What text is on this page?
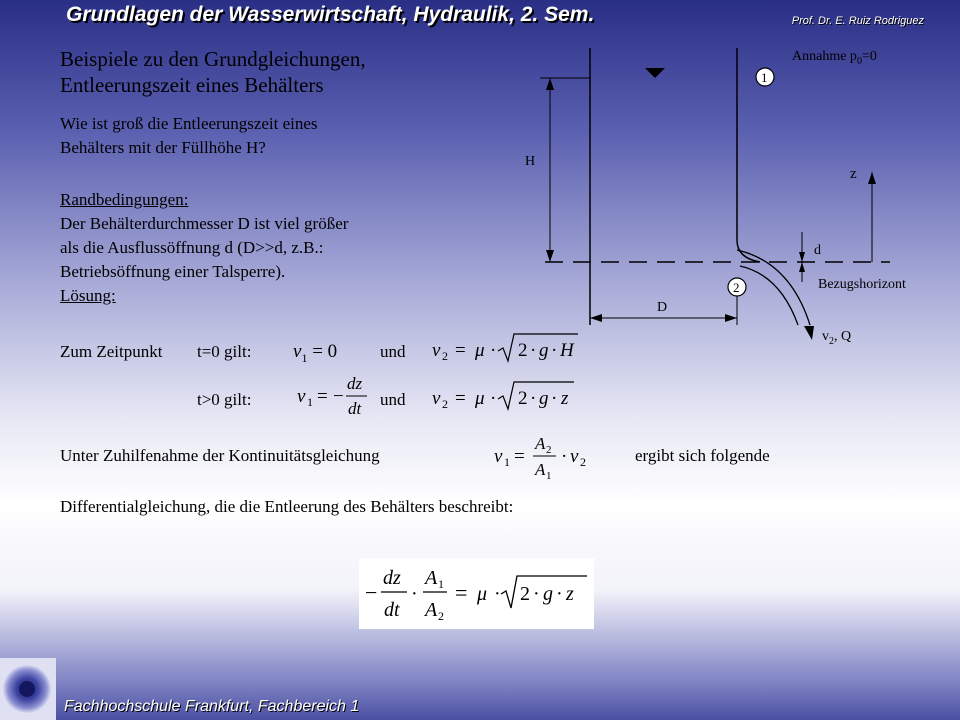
Grundlagen der Wasserwirtschaft, Hydraulik, 2. Sem.	Prof. Dr. E. Ruiz Rodriguez
Fachhochschule Frankfurt, Fachbereich 1
Beispiele zu den Grundgleichungen,
Entleerungszeit eines Behälters
Wie ist groß die Entleerungszeit eines
Behälters mit der Füllhöhe H?
Randbedingungen:
Der Behälterdurchmesser D ist viel größer
als die Ausflussöffnung d (D>>d, z.B.:
Betriebsöffnung einer Talsperre).
Lösung:
Zum Zeitpunkt t=0 gilt: $v_1 = 0$	und v 2 = μ · 2 · g · H
t>0 gilt: v 1 = −
dz
dt und v 2 = μ · 2 · g · z
Unter Zuhilfenahme der Kontinuitätsgleichung	v 1 =
A 2
A 1
· v 2	ergibt sich folgende
Differentialgleichung, die die Entleerung des Behälters beschreibt:
−
dz
dt
·
A 1
A 2
= μ · 2 · g · z
H
z
d
Bezugshorizont
D
$v_2$, Q
1
2
Annahme $p_0=0$
